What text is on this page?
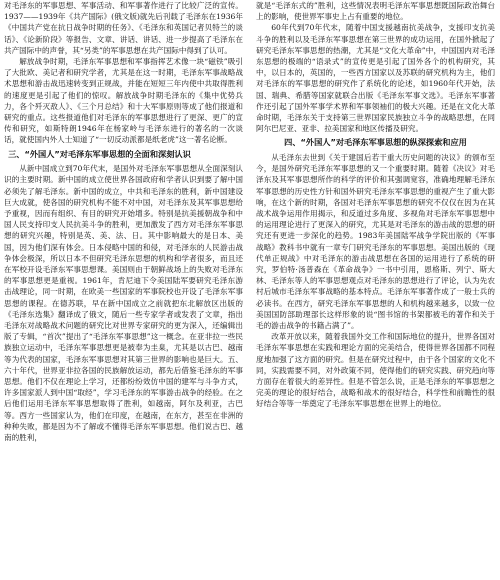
对毛泽东的军事思想、军事活动、和军事著作进行了比较广泛的宣传。1937——1939年《共产国际》(俄文版)就先后刊载了毛泽东在1936年《中国共产党在抗日战争时期的任务》、《毛泽东和英国记者贝特兰的谈话》、《论新阶段》等报告、文章、讲话、讲话、进一步提高了毛泽东在共产国际中的声誉，其“另类”的军事思想在共产国际中得到了认可。

解放战争时期，毛泽东军事思想和军事指挥艺术像一块“磁铁”吸引了大批欧、美记者和研究学者，尤其是在这一时期，毛泽东军事战略战术思想和游击战迅速转变到正规战，并能在短短三年内使中共取得胜利的速度更是引起了他们的惊叹。解放战争时期毛泽东的《集中优势兵力，各个歼灭敌人》、《三个月总结》和十大军事原则等成了他们报道和研究的重点。这些报道他们对毛泽东的军事思想进行了更深、更广的宣传和研究，如斯特朗1946年在杨家岭与毛泽东进行的著名的一次谈话，就使国内外人士知道了“一切反动派都是纸老虎”这一著名论断。

三、“外国人”对毛泽东军事思想的全面和深刻认识

从新中国成立到70年代末，是国外对毛泽东军事思想从全面深刻认识的主要时期。新中国的成立使世界各国政府和学者认识到要了解中国必须先了解毛泽东。新中国的成立，中共和毛泽东的胜利，新中国建设巨大成就，使各国的研究机构不能不对中国，对毛泽东及其军事思想给予重视，因而有组织、有目的研究开始增多。特别是抗美援朝战争和中国人民支持印支人民抗美斗争的胜利，更加激发了西方对毛泽东军事思想的研究兴趣，特别是英、美、法、日。其中影响最大的是日本、美国，因为他们深有体会。日本侵略中国的和侵，对毛泽东的人民游击战争体会极深，所以日本不但研究毛泽东思想的机构和学者很多，而且还在军校开设毛泽东军事思想课。美国则由于朝鲜战场上的失败对毛泽东的军事思想更是重视。1961年，肯尼迪下令美国陆军要研究毛泽东游击战理论，同一时期，在欧美一些国家的军事院校也开设了毛泽东军事思想的课程。在德苏联，早在新中国成立之前就把东北解放区出版的《毛泽东选集》翻译成了俄文，随后一些专家学者或发表了文章，指出毛泽东对战略战术问题的研究比对世界专家研究的更为深入，还编辑出版了专辑，“首次”提出了“毛泽东军事思想”这一概念。在亚非拉一些民族独立运动中，毛泽东军事思想更是被奉为圭臬，尤其是以古巴、越南等为代表的国家，毛泽东军事思想对其第三世界的影响也是巨大。五、六十年代，世界亚非拉各国的民族解放运动，都先后借鉴毛泽东的军事思想。他们不仅在理论上学习，还都纷纷效仿中国的建军与斗争方式，许多国家派人到中国“取经”，学习毛泽东的军事游击战争的经验。在之后他们运用毛泽东军事思想取得了胜利，如越南，阿尔及利亚，古巴等。西方一些国家认为，他们在印度，在越南，在东方，甚至在非洲的种种失败，都是因为不了解或不懂得毛泽东军事思想。他们说古巴、越南的胜利，

就是“毛泽东式的”胜利，这些情况表明毛泽东军事思想既国际政治舞台上的影响，使世界军事史上占有重要的地位。

60年代到70年代末，随着中国支援越南抗美战争，支援印支抗美斗争的胜利以及毛泽东军事思想在第三世界的成功运用，在国外掀起了研究毛泽东军事思想的热潮，尤其是“文化大革命”中，中国国内对毛泽东思想的极端的“语录式”的宣传更是引起了国外各个的机构研究，其中，以日本的，英国的，一些西方国家以及苏联的研究机构为主，他们对毛泽东的军事思想的研究作了系统化的论述，如1960年代开始，法国、瑞典、希腊等国家就联合出版《毛泽东军事文选》。毛泽东军事著作还引起了国外军事学术界和军事领袖们的极大兴趣。还是在文化大革命时期，毛泽东关于支持第三世界国家民族独立斗争的战略思想，在同阿尔巴尼亚、亚非、拉美国家和地区传播及研究。

四、“外国人”对毛泽东军事思想的纵深探索和应用

从毛泽东去世到《关于建国后若干重大历史问题的决议》的颁布至今，是国外研究毛泽东军事思想的又一个重要时期。随着《决议》对毛泽东及其军事思想所作的科学的评价和其强调宽容，准确地理解毛泽东军事思想的历史性方针和国外研究毛泽东军事思想的重视产生了重大影响，在这个新的时期，各国对毛泽东军事思想的研究不仅仅在因为在其战术战争运用作用揭示，和反道过多角度、多视角对毛泽东军事思想中的运用理论进行了更深入的研究，尤其是对毛泽东的游击战的思想的研究还有更进一步深化的趋势。1983年美国陆军战争学院出版的《军事战略》教科书中就有一章专门研究毛泽东的军事思想。美国出版的《现代单正规战》中对毛泽东的游击战思想在各国的运用进行了系统的研究，罗伯特·汤普森在《革命战争》一书中引用，恩格斯、列宁、斯大林、毛泽东等人的军事思想观点对毛泽东的思想进行了评论，认为先农村后城市毛泽东军事战略的基本特点。毛泽东军事著作成了一般士兵的必读书。在西方，研究毛泽东军事思想的人和机构越来越多，以致一位美国国防部助理部长这样形象的说“图书馆的书架都被毛的著作和关于毛的游击战争的书籍占满了”。

改革开放以来，随着我国外交工作和国际地位的提升，世界各国对毛泽东军事思想在实践和理论方面的完美结合，使得世界各国都不同程度地加强了这方面的研究。但是在研究过程中，由于各个国家的文化不同，实践需要不同，对外政策不同，使得他们的研究实践、研究趋向等方面存在着很大的差异性。但是不管怎么说，正是毛泽东的军事思想之完美的理论的很好结合，战略和战术的很好结合，科学性和前瞻性的很好结合等等一举奠定了毛泽东军事思想在世界上的地位。
